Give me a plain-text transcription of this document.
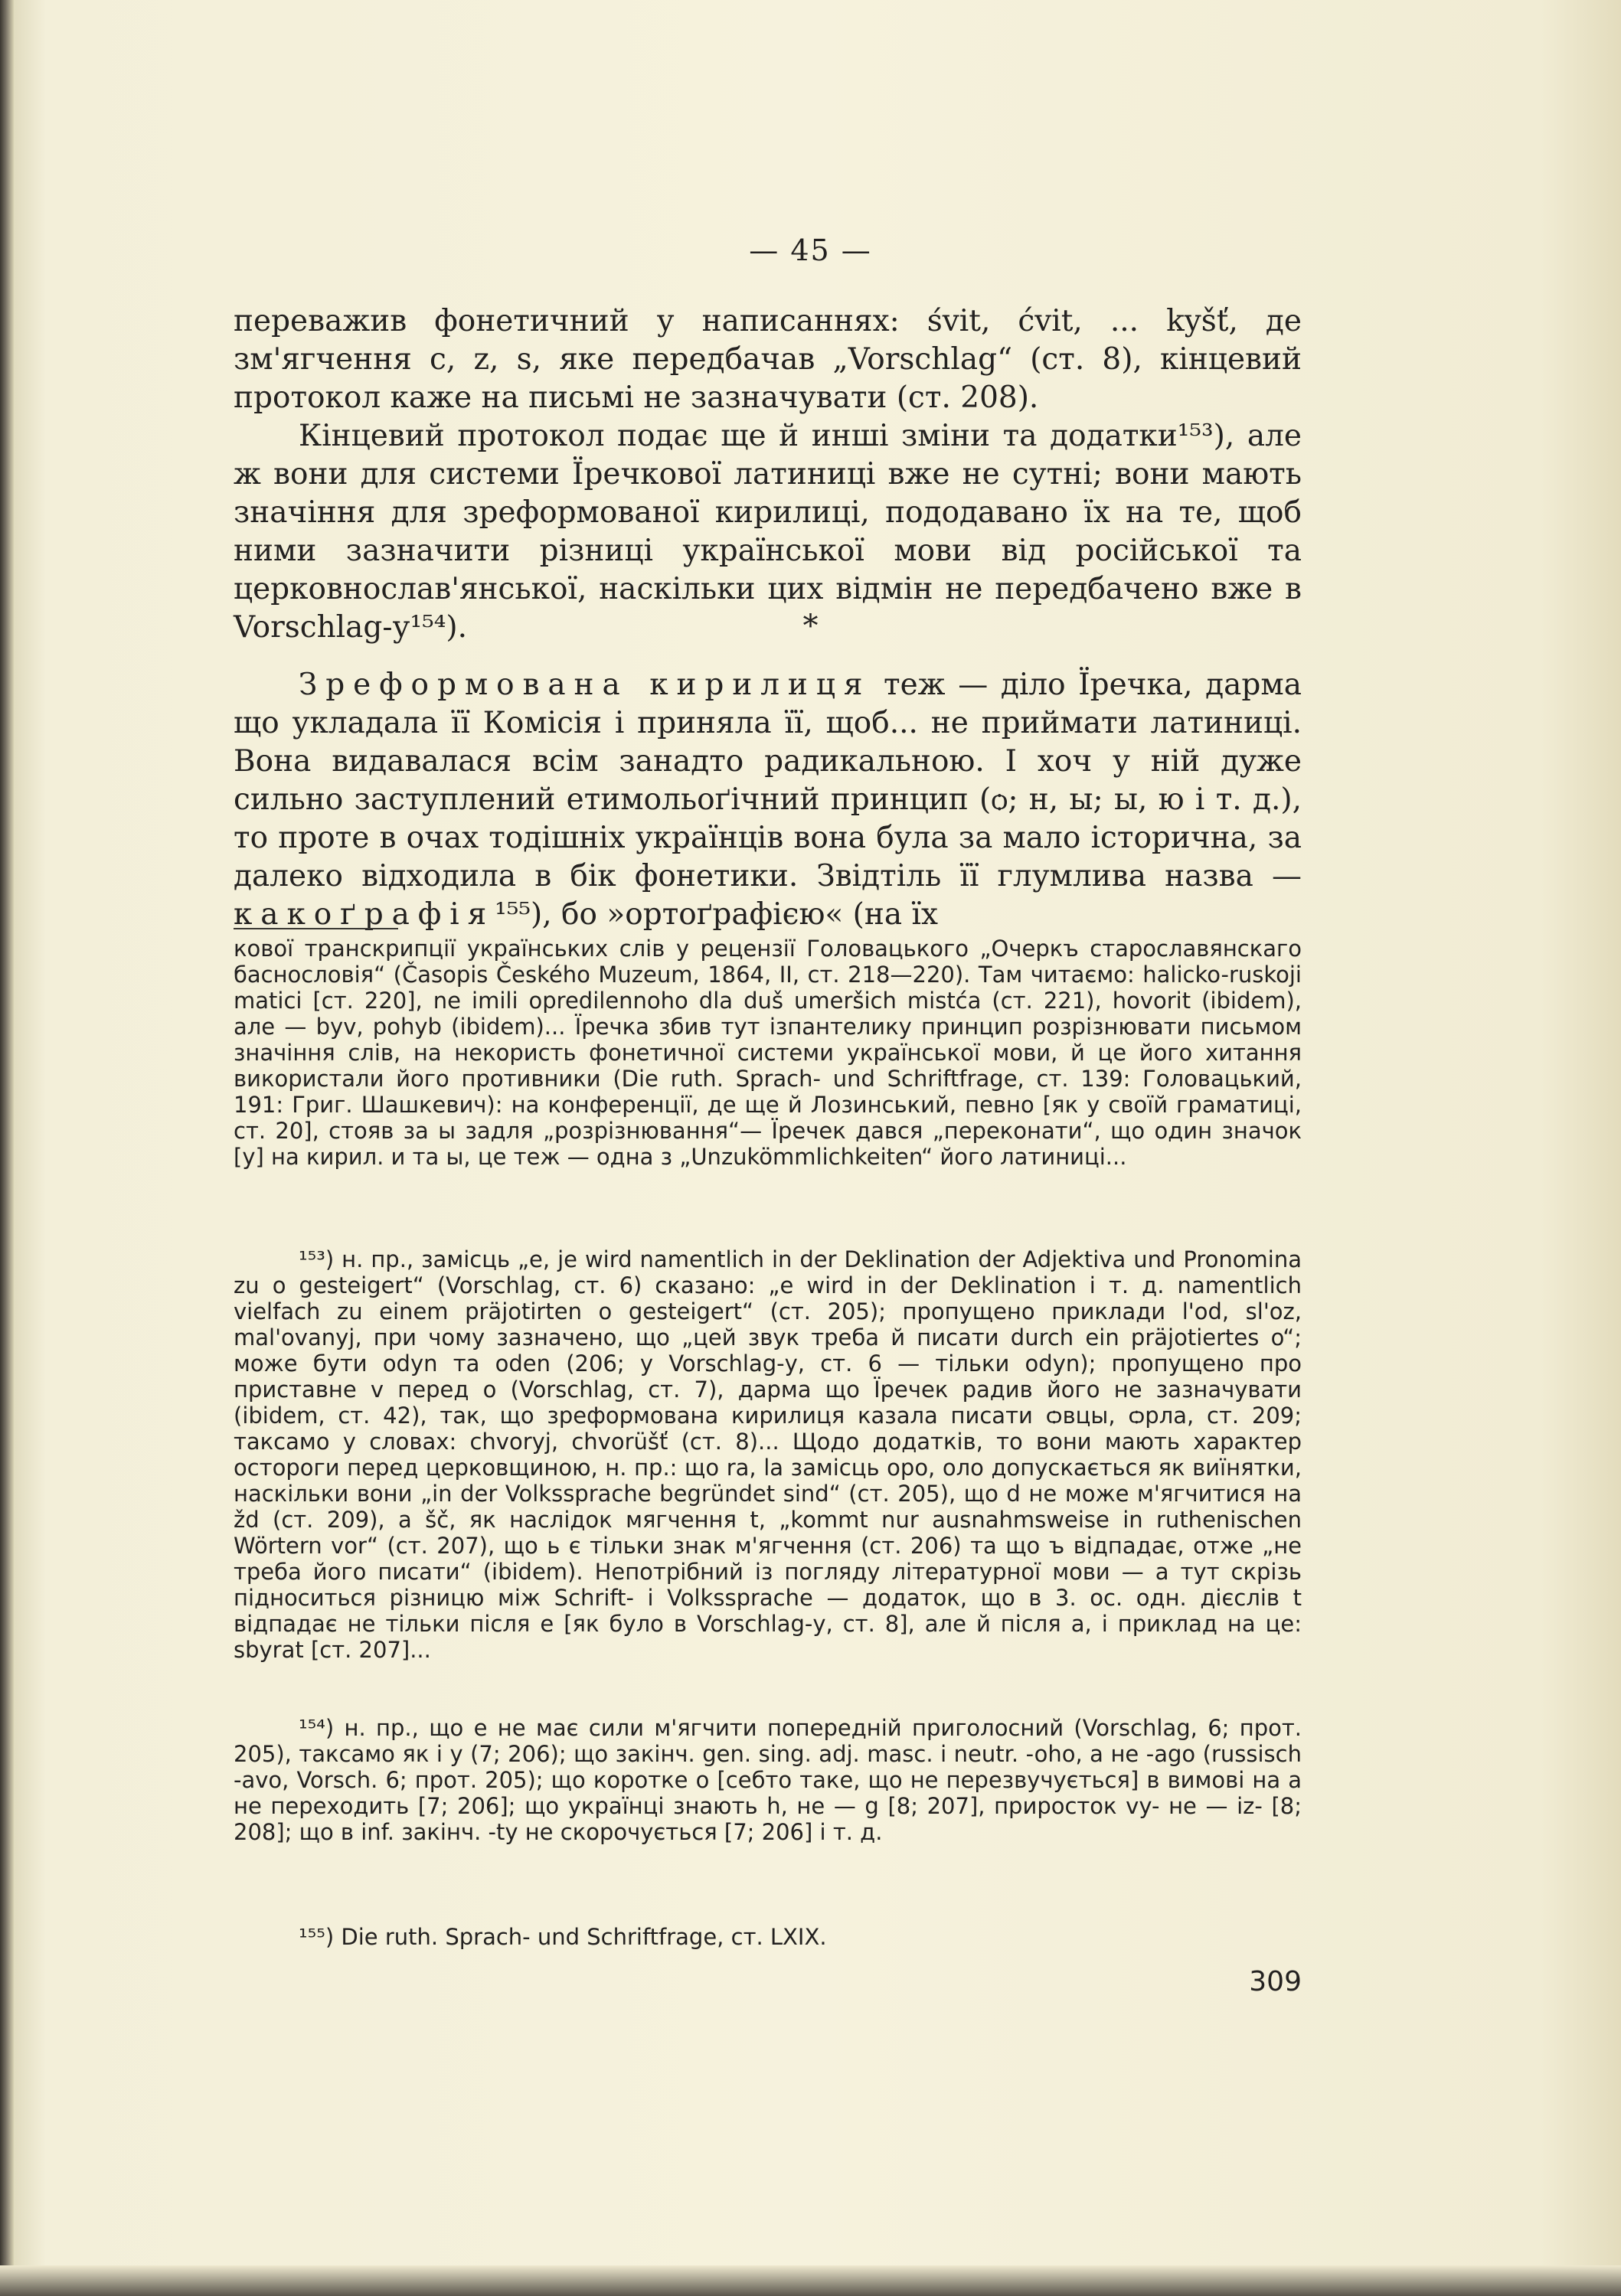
— 45 —

переважив фонетичний у написаннях: śvit, ćvit, ... kyšť, де зм'ягчення c, z, s, яке передбачав „Vorschlag“ (ст. 8), кінцевий протокол каже на письмі не зазначувати (ст. 208).

Кінцевий протокол подає ще й инші зміни та додатки¹⁵³), але ж вони для системи Їречкової латиниці вже не сутні; вони мають значіння для зреформованої кирилиці, пододавано їх на те, щоб ними зазначити різниці української мови від російської та церковнослав'янської, наскільки цих відмін не передбачено вже в Vorschlag-у¹⁵⁴).	*

Зреформована кирилиця теж — діло Їречка, дарма що укладала її Комісія і приняла її, щоб... не приймати латиниці. Вона видавалася всім занадто радикальною. І хоч у ній дуже сильно заступлений етимольоґічний принцип (ѻ; н, ы; ы, ю і т. д.), то проте в очах тодішніх українців вона була за мало історична, за далеко відходила в бік фонетики. Звідтіль її глумлива назва — какоґрафія¹⁵⁵), бо »ортоґрафією« (на їх

кової транскрипції українських слів у рецензії Головацького „Очеркъ старославянскаго баснословія“ (Časopis Českého Muzeum, 1864, II, ст. 218—220). Там читаємо: halicko-ruskoji matici [ст. 220], ne imili opredilennoho dla duš umeršich mistća (ст. 221), hovorit (ibidem), але — byv, pohyb (ibidem)... Їречка збив тут ізпантелику принцип розрізнювати письмом значіння слів, на некористь фонетичної системи української мови, й це його хитання використали його противники (Die ruth. Sprach- und Schriftfrage, ст. 139: Головацький, 191: Григ. Шашкевич): на конференції, де ще й Лозинський, певно [як у своїй граматиці, ст. 20], стояв за ы задля „розрізнювання“— Їречек дався „переконати“, що один значок [у] на кирил. и та ы, це теж — одна з „Unzukömmlichkeiten“ його латиниці...

¹⁵³) н. пр., замісць „e, je wird namentlich in der Deklination der Adjektiva und Pronomina zu o gesteigert“ (Vorschlag, ст. 6) сказано: „e wird in der Deklination і т. д. namentlich vielfach zu einem präjotirten o gesteigert“ (ст. 205); пропущено приклади l'od, sl'oz, mal'ovanyj, при чому зазначено, що „цей звук треба й писати durch ein präjotiertes o“; може бути odyn та oden (206; у Vorschlag-у, ст. 6 — тільки odyn); пропущено про приставне v перед o (Vorschlag, ст. 7), дарма що Їречек радив його не зазначувати (ibidem, ст. 42), так, що зреформована кирилиця казала писати ѻвцы, ѻрла, ст. 209; таксамо у словах: chvoryj, chvorüšť (ст. 8)... Щодо додатків, то вони мають характер остороги перед церковщиною, н. пр.: що ra, la замісць оро, оло допускається як виїнятки, наскільки вони „in der Volkssprache begründet sind“ (ст. 205), що d не може м'ягчитися на žd (ст. 209), а šč, як наслідок мягчення t, „kommt nur ausnahmsweise in ruthenischen Wörtern vor“ (ст. 207), що ь є тільки знак м'ягчення (ст. 206) та що ъ відпадає, отже „не треба його писати“ (ibidem). Непотрібний із погляду літературної мови — а тут скрізь підноситься різницю між Schrift- i Volkssprache — додаток, що в 3. ос. одн. дієслів t відпадає не тільки після e [як було в Vorschlag-у, ст. 8], але й після a, і приклад на це: sbyrat [ст. 207]...

¹⁵⁴) н. пр., що e не має сили м'ягчити попередній приголосний (Vorschlag, 6; прот. 205), таксамо як і у (7; 206); що закінч. gen. sing. adj. masc. і neutr. -oho, а не -ago (russisch -avo, Vorsch. 6; прот. 205); що коротке o [себто таке, що не перезвучується] в вимові на а не переходить [7; 206]; що українці знають h, не — g [8; 207], приросток vy- не — iz- [8; 208]; що в inf. закінч. -ty не скорочується [7; 206] і т. д.

¹⁵⁵) Die ruth. Sprach- und Schriftfrage, ст. LXIX.

309
